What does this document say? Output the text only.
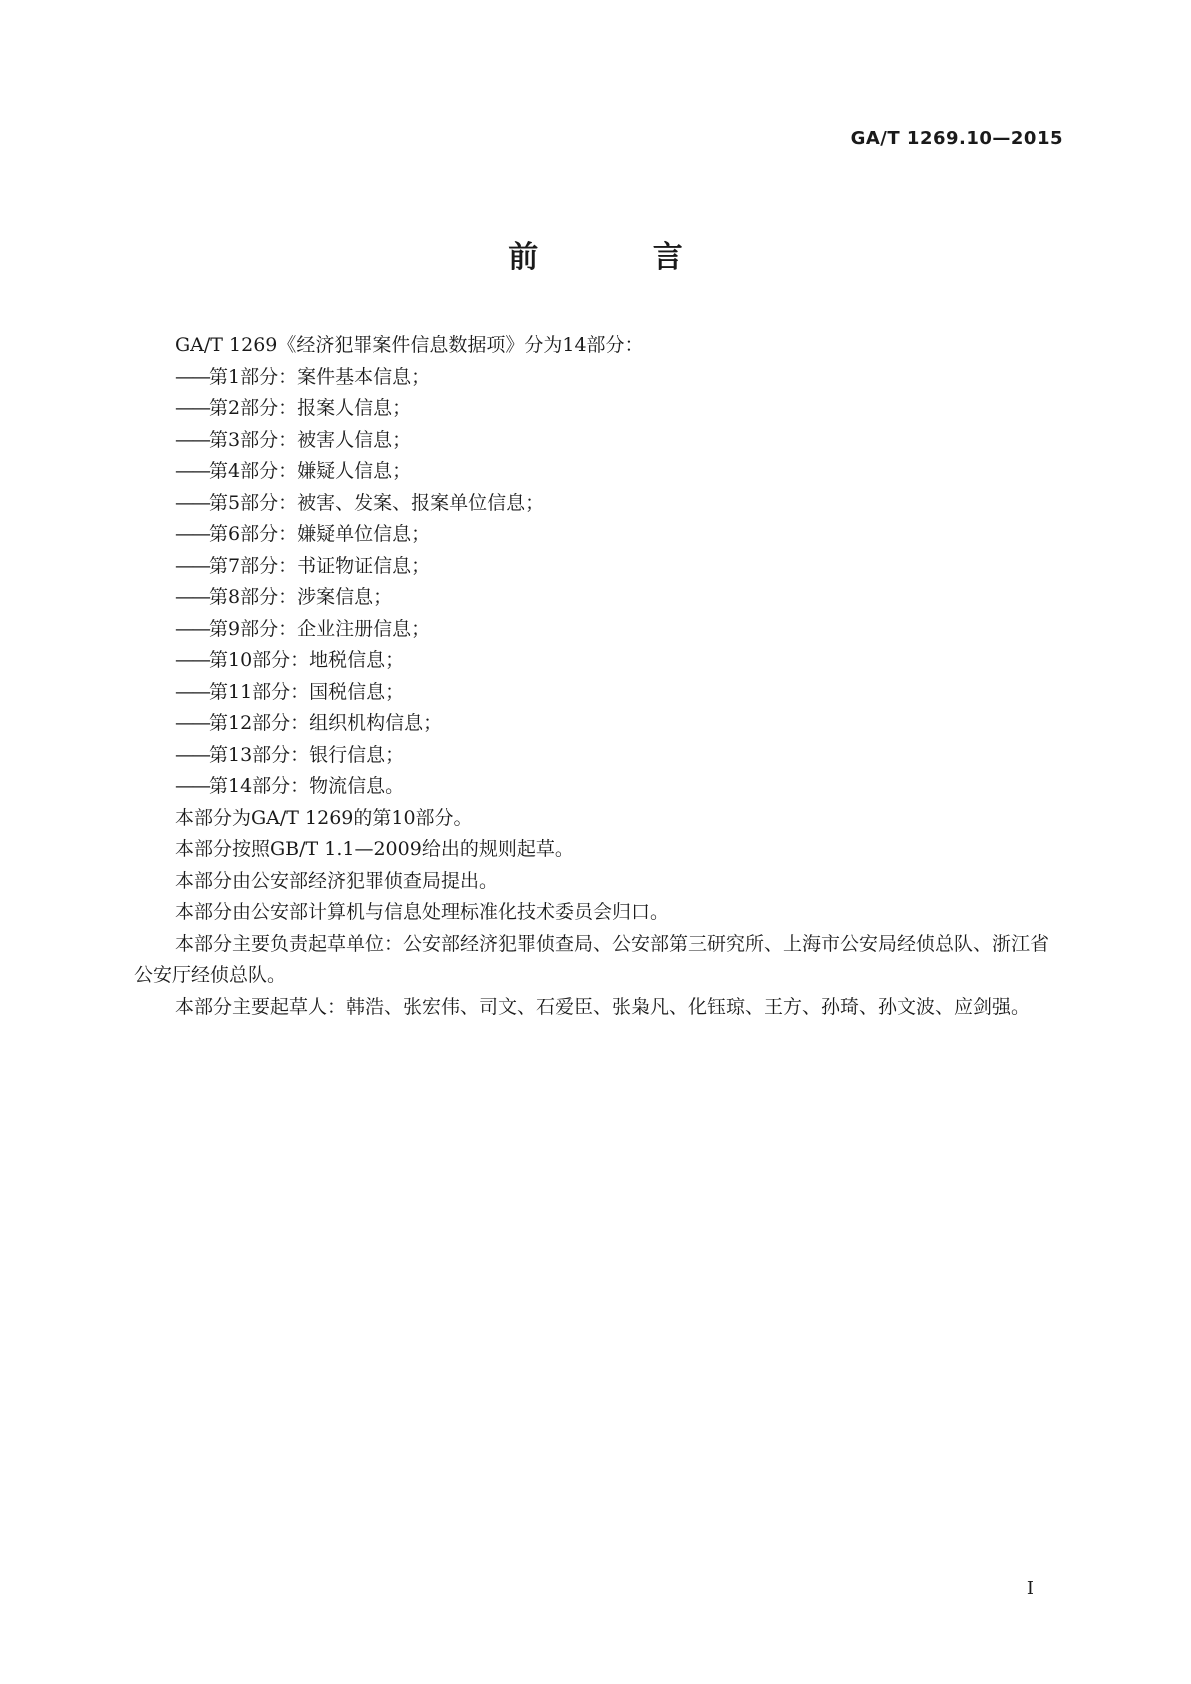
GA/T 1269.10—2015
前 言

GA/T 1269《经济犯罪案件信息数据项》分为14部分：

——第1部分：案件基本信息；

——第2部分：报案人信息；

——第3部分：被害人信息；

——第4部分：嫌疑人信息；

——第5部分：被害、发案、报案单位信息；

——第6部分：嫌疑单位信息；

——第7部分：书证物证信息；

——第8部分：涉案信息；

——第9部分：企业注册信息；

——第10部分：地税信息；

——第11部分：国税信息；

——第12部分：组织机构信息；

——第13部分：银行信息；

——第14部分：物流信息。

本部分为GA/T 1269的第10部分。

本部分按照GB/T 1.1—2009给出的规则起草。

本部分由公安部经济犯罪侦查局提出。

本部分由公安部计算机与信息处理标准化技术委员会归口。

本部分主要负责起草单位：公安部经济犯罪侦查局、公安部第三研究所、上海市公安局经侦总队、浙江省公安厅经侦总队。

本部分主要起草人：韩浩、张宏伟、司文、石爱臣、张枭凡、化钰琼、王方、孙琦、孙文波、应剑强。

I
